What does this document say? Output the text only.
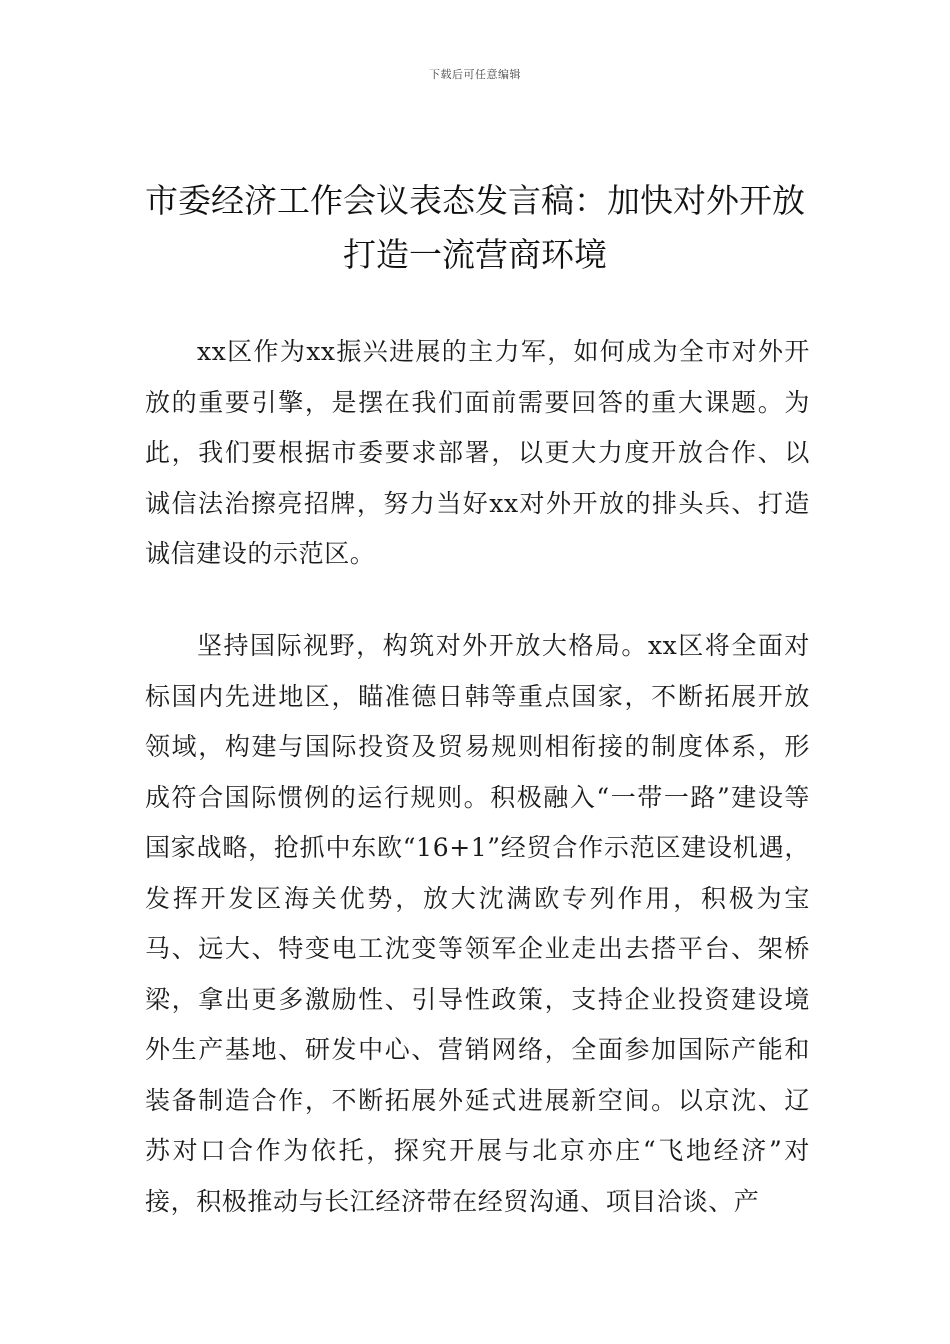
下载后可任意编辑
市委经济工作会议表态发言稿：加快对外开放打造一流营商环境

xx区作为xx振兴进展的主力军，如何成为全市对外开放的重要引擎，是摆在我们面前需要回答的重大课题。为此，我们要根据市委要求部署，以更大力度开放合作、以诚信法治擦亮招牌，努力当好xx对外开放的排头兵、打造诚信建设的示范区。

坚持国际视野，构筑对外开放大格局。xx区将全面对标国内先进地区，瞄准德日韩等重点国家，不断拓展开放领域，构建与国际投资及贸易规则相衔接的制度体系，形成符合国际惯例的运行规则。积极融入“一带一路”建设等国家战略，抢抓中东欧“16+1”经贸合作示范区建设机遇，发挥开发区海关优势，放大沈满欧专列作用，积极为宝马、远大、特变电工沈变等领军企业走出去搭平台、架桥梁，拿出更多激励性、引导性政策，支持企业投资建设境外生产基地、研发中心、营销网络，全面参加国际产能和装备制造合作，不断拓展外延式进展新空间。以京沈、辽苏对口合作为依托，探究开展与北京亦庄“飞地经济”对接，积极推动与长江经济带在经贸沟通、项目洽谈、产
